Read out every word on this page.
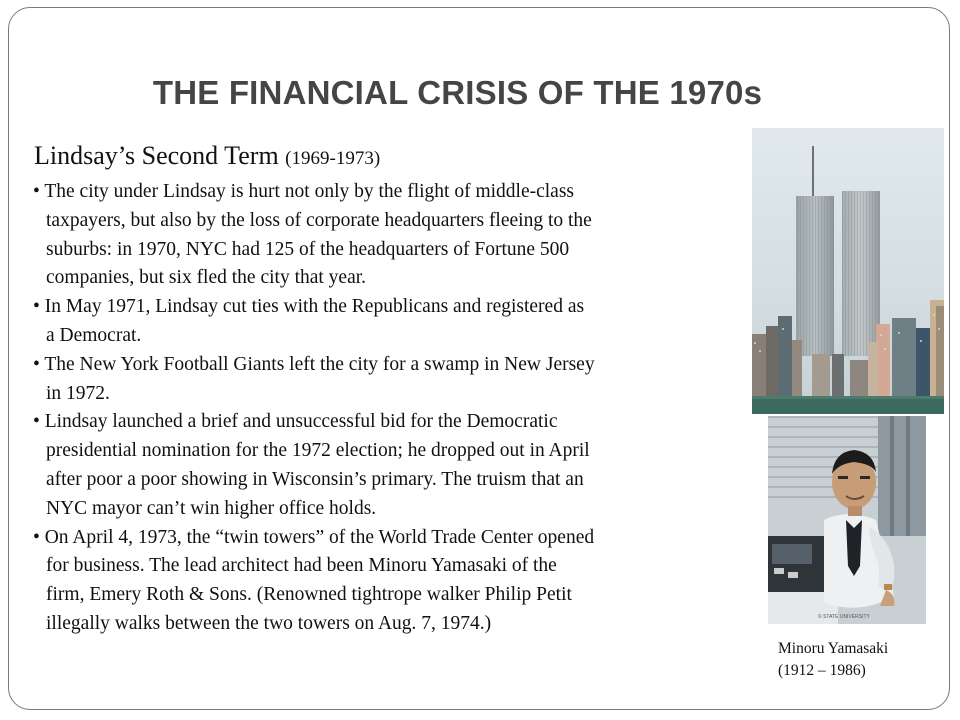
THE FINANCIAL CRISIS OF THE 1970s
Lindsay’s Second Term (1969-1973)
• The city under Lindsay is hurt not only by the flight of middle-class
taxpayers, but also by the loss of corporate headquarters fleeing to the
suburbs: in 1970, NYC had 125 of the headquarters of Fortune 500
companies, but six fled the city that year.
• In May 1971, Lindsay cut ties with the Republicans and registered as
a Democrat.
• The New York Football Giants left the city for a swamp in New Jersey
in 1972.
• Lindsay launched a brief and unsuccessful bid for the Democratic
presidential nomination for the 1972 election; he dropped out in April
after poor a poor showing in Wisconsin’s primary. The truism that an
NYC mayor can’t win higher office holds.
• On April 4, 1973, the “twin towers” of the World Trade Center opened
for business. The lead architect had been Minoru Yamasaki of the
firm, Emery Roth & Sons. (Renowned tightrope walker Philip Petit
illegally walks between the two towers on Aug. 7, 1974.)	© STATE UNIVERSITY
Minoru Yamasaki
(1912 – 1986)
